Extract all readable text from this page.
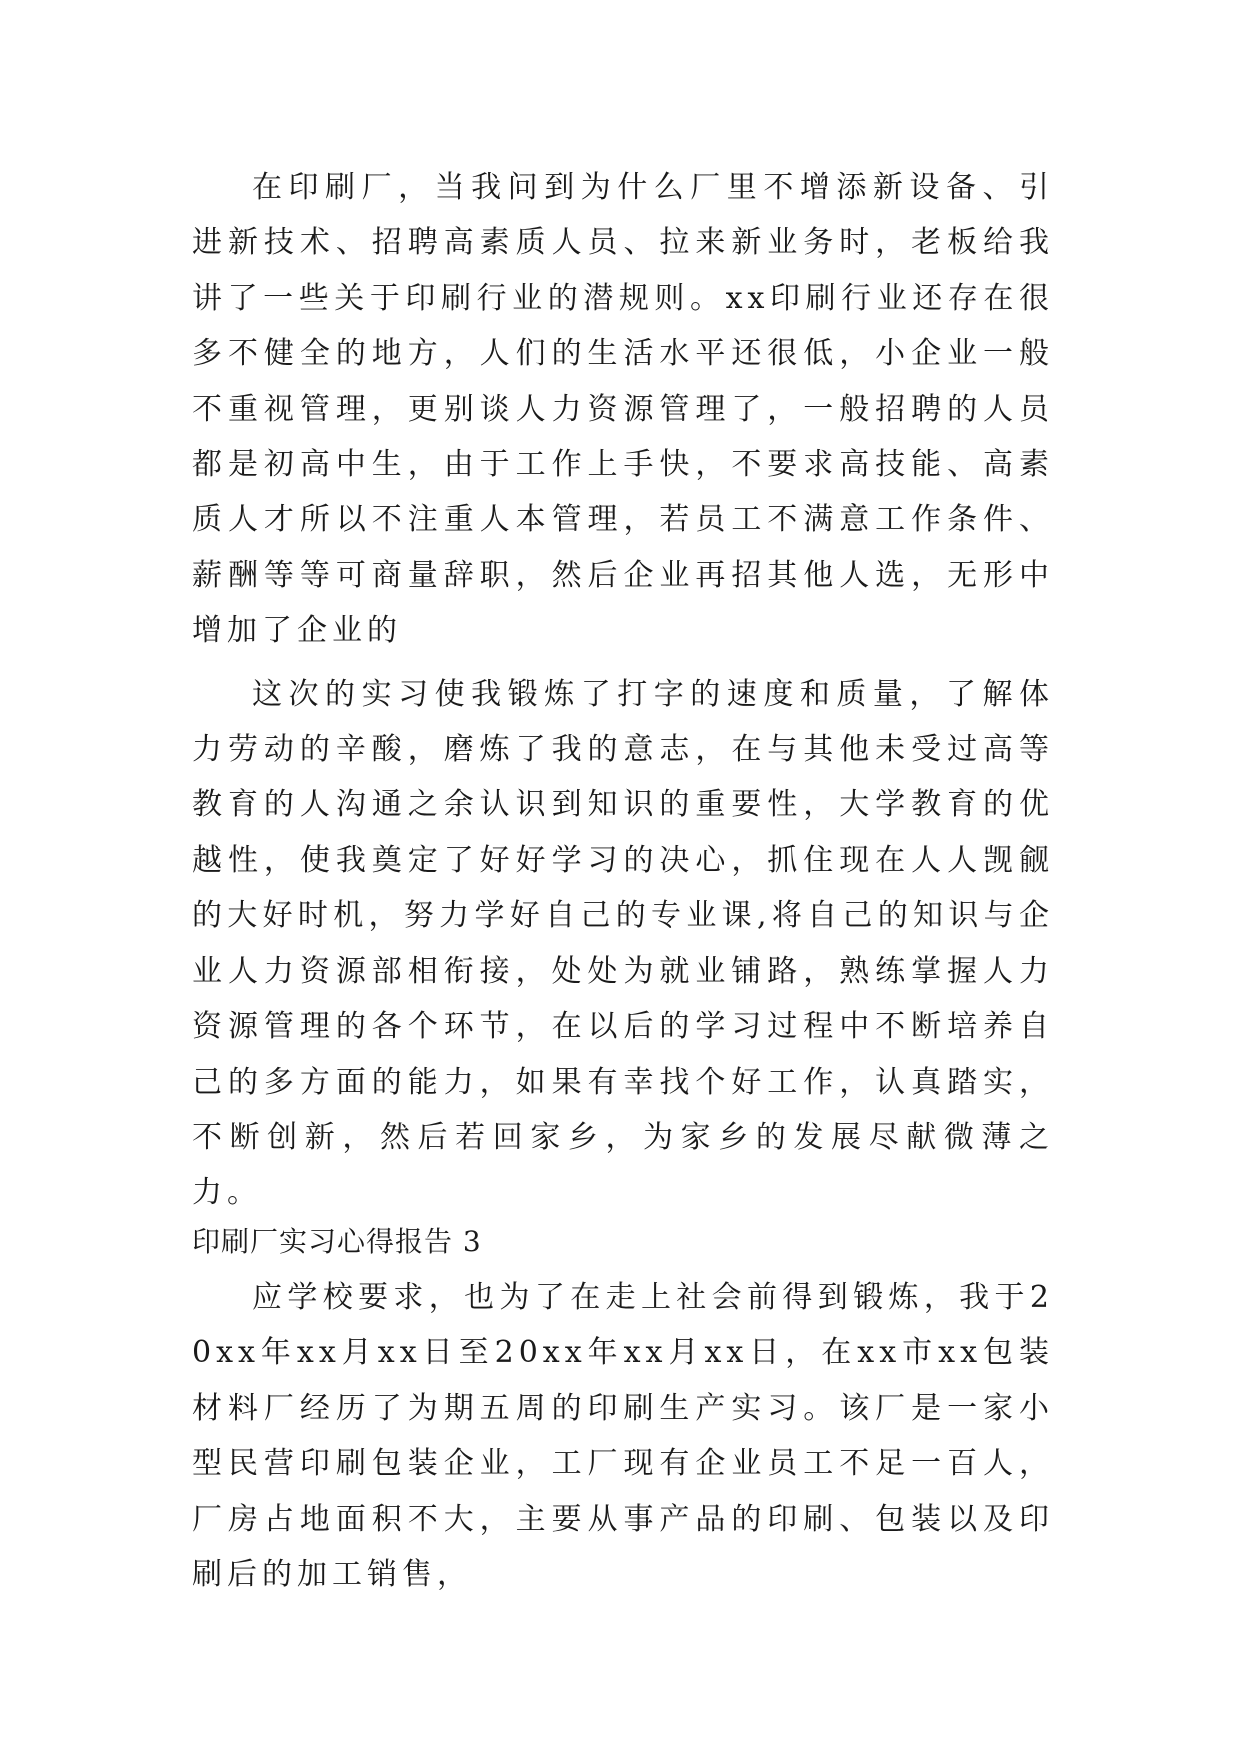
在印刷厂，当我问到为什么厂里不增添新设备、引进新技术、招聘高素质人员、拉来新业务时，老板给我讲了一些关于印刷行业的潜规则。xx印刷行业还存在很多不健全的地方，人们的生活水平还很低，小企业一般不重视管理，更别谈人力资源管理了，一般招聘的人员都是初高中生，由于工作上手快，不要求高技能、高素质人才所以不注重人本管理，若员工不满意工作条件、薪酬等等可商量辞职，然后企业再招其他人选，无形中增加了企业的

这次的实习使我锻炼了打字的速度和质量，了解体力劳动的辛酸，磨炼了我的意志，在与其他未受过高等教育的人沟通之余认识到知识的重要性，大学教育的优越性，使我奠定了好好学习的决心，抓住现在人人觊觎的大好时机，努力学好自己的专业课,将自己的知识与企业人力资源部相衔接，处处为就业铺路，熟练掌握人力资源管理的各个环节，在以后的学习过程中不断培养自己的多方面的能力，如果有幸找个好工作，认真踏实，不断创新，然后若回家乡，为家乡的发展尽献微薄之力。

印刷厂实习心得报告 3

应学校要求，也为了在走上社会前得到锻炼，我于20xx年xx月xx日至20xx年xx月xx日，在xx市xx包装材料厂经历了为期五周的印刷生产实习。该厂是一家小型民营印刷包装企业，工厂现有企业员工不足一百人，厂房占地面积不大，主要从事产品的印刷、包装以及印刷后的加工销售，
